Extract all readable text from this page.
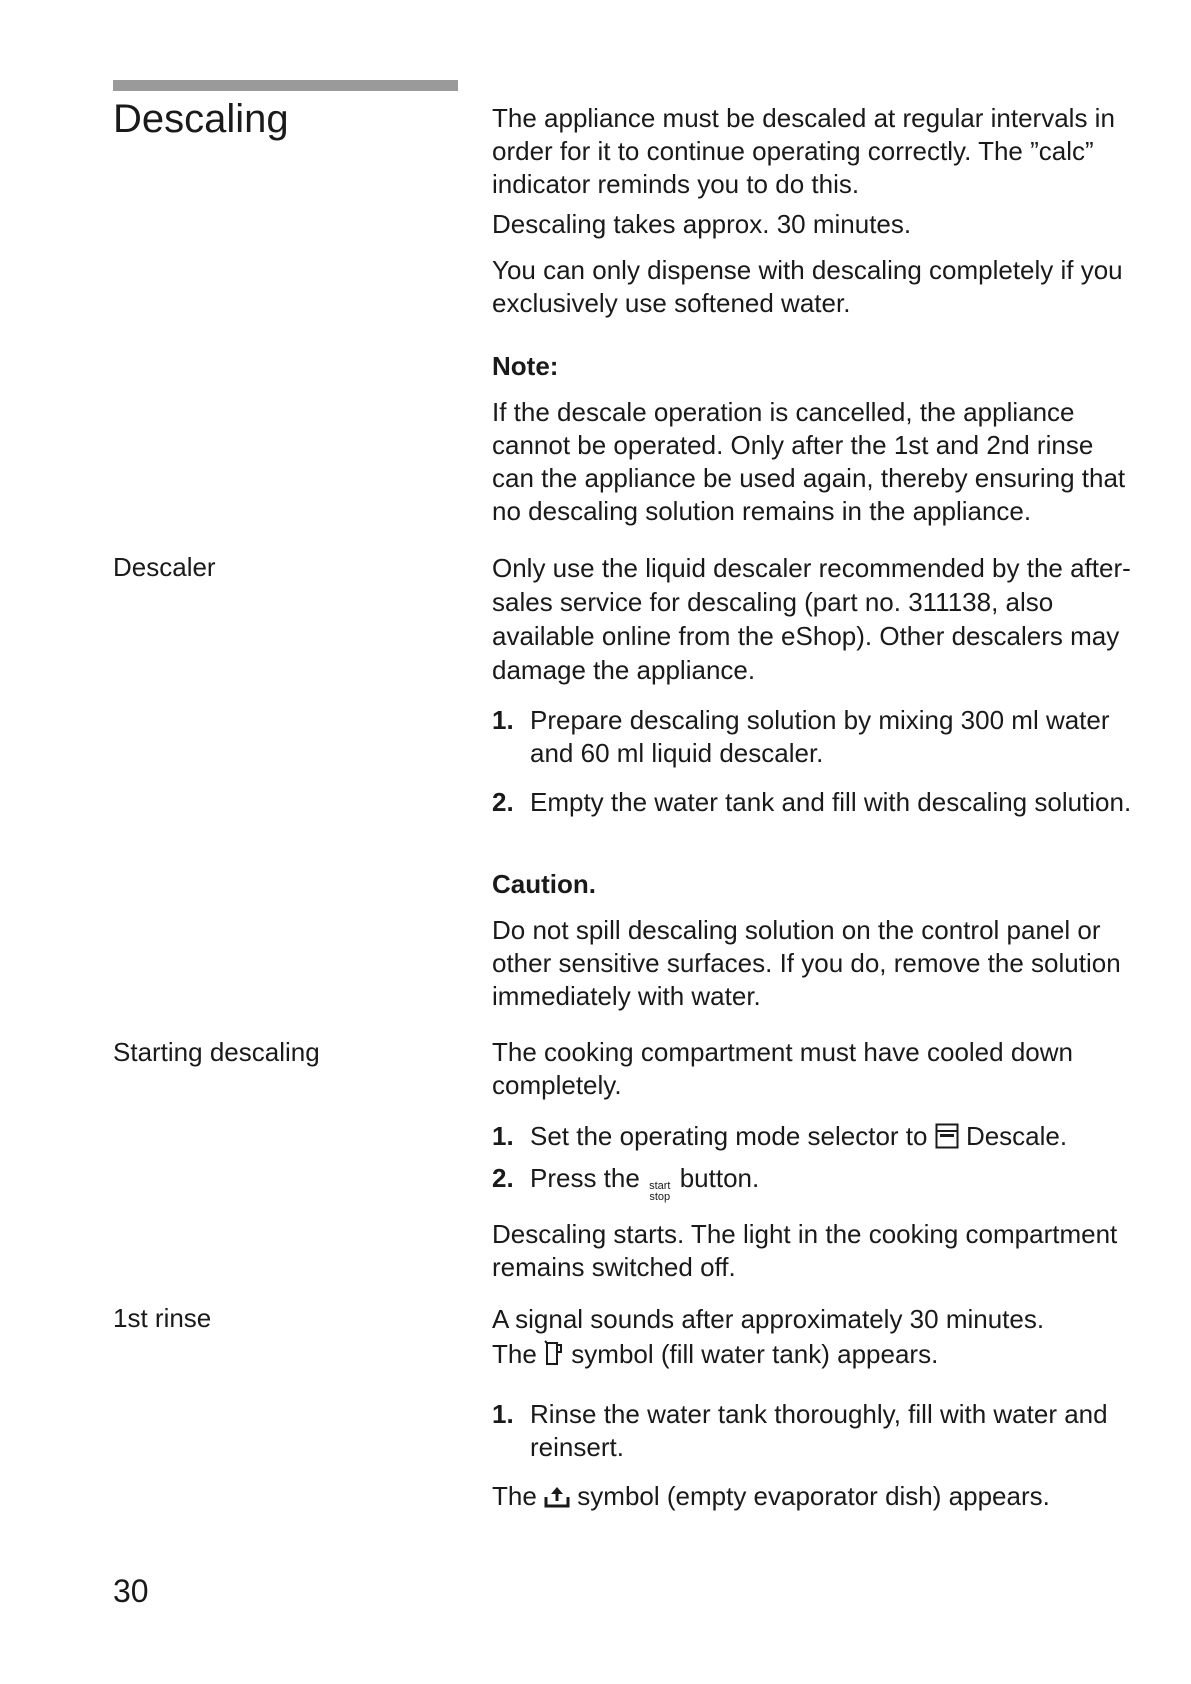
Descaling	The appliance must be descaled at regular intervals in order for it to continue operating correctly. The ”calc” indicator reminds you to do this.

Descaling takes approx. 30 minutes.

You can only dispense with descaling completely if you exclusively use softened water.

Note:

If the descale operation is cancelled, the appliance cannot be operated. Only after the 1st and 2nd rinse can the appliance be used again, thereby ensuring that no descaling solution remains in the appliance.

Descaler	Only use the liquid descaler recommended by the after-sales service for descaling (part no. 311138, also available online from the eShop). Other descalers may damage the appliance.

1. Prepare descaling solution by mixing 300 ml water and 60 ml liquid descaler.
2. Empty the water tank and fill with descaling solution.
Caution.

Do not spill descaling solution on the control panel or other sensitive surfaces. If you do, remove the solution immediately with water.

Starting descaling	The cooking compartment must have cooled down completely.

1. Set the operating mode selector to Descale.
2. Press the start
stop
button.

Descaling starts. The light in the cooking compartment remains switched off.

1st rinse	A signal sounds after approximately 30 minutes.

The symbol (fill water tank) appears.

1. Rinse the water tank thoroughly, fill with water and reinsert.

The symbol (empty evaporator dish) appears.

30
